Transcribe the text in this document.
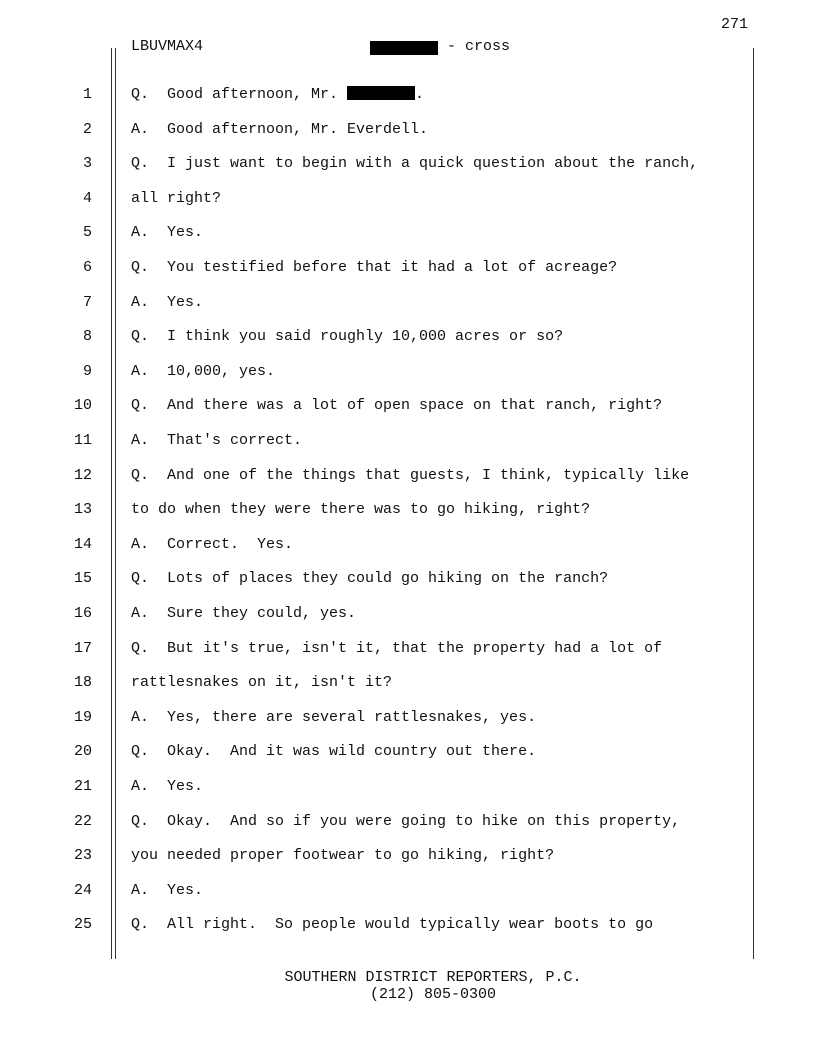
271
LBUVMAX4	- cross
1	Q.  Good afternoon, Mr.	.
2	A.  Good afternoon, Mr. Everdell.
3	Q.  I just want to begin with a quick question about the ranch,
4	all right?
5	A.  Yes.
6	Q.  You testified before that it had a lot of acreage?
7	A.  Yes.
8	Q.  I think you said roughly 10,000 acres or so?
9	A.  10,000, yes.
10	Q.  And there was a lot of open space on that ranch, right?
11	A.  That's correct.
12	Q.  And one of the things that guests, I think, typically like
13	to do when they were there was to go hiking, right?
14	A.  Correct.  Yes.
15	Q.  Lots of places they could go hiking on the ranch?
16	A.  Sure they could, yes.
17	Q.  But it's true, isn't it, that the property had a lot of
18	rattlesnakes on it, isn't it?
19	A.  Yes, there are several rattlesnakes, yes.
20	Q.  Okay.  And it was wild country out there.
21	A.  Yes.
22	Q.  Okay.  And so if you were going to hike on this property,
23	you needed proper footwear to go hiking, right?
24	A.  Yes.
25	Q.  All right.  So people would typically wear boots to go
SOUTHERN DISTRICT REPORTERS, P.C.
(212) 805-0300
